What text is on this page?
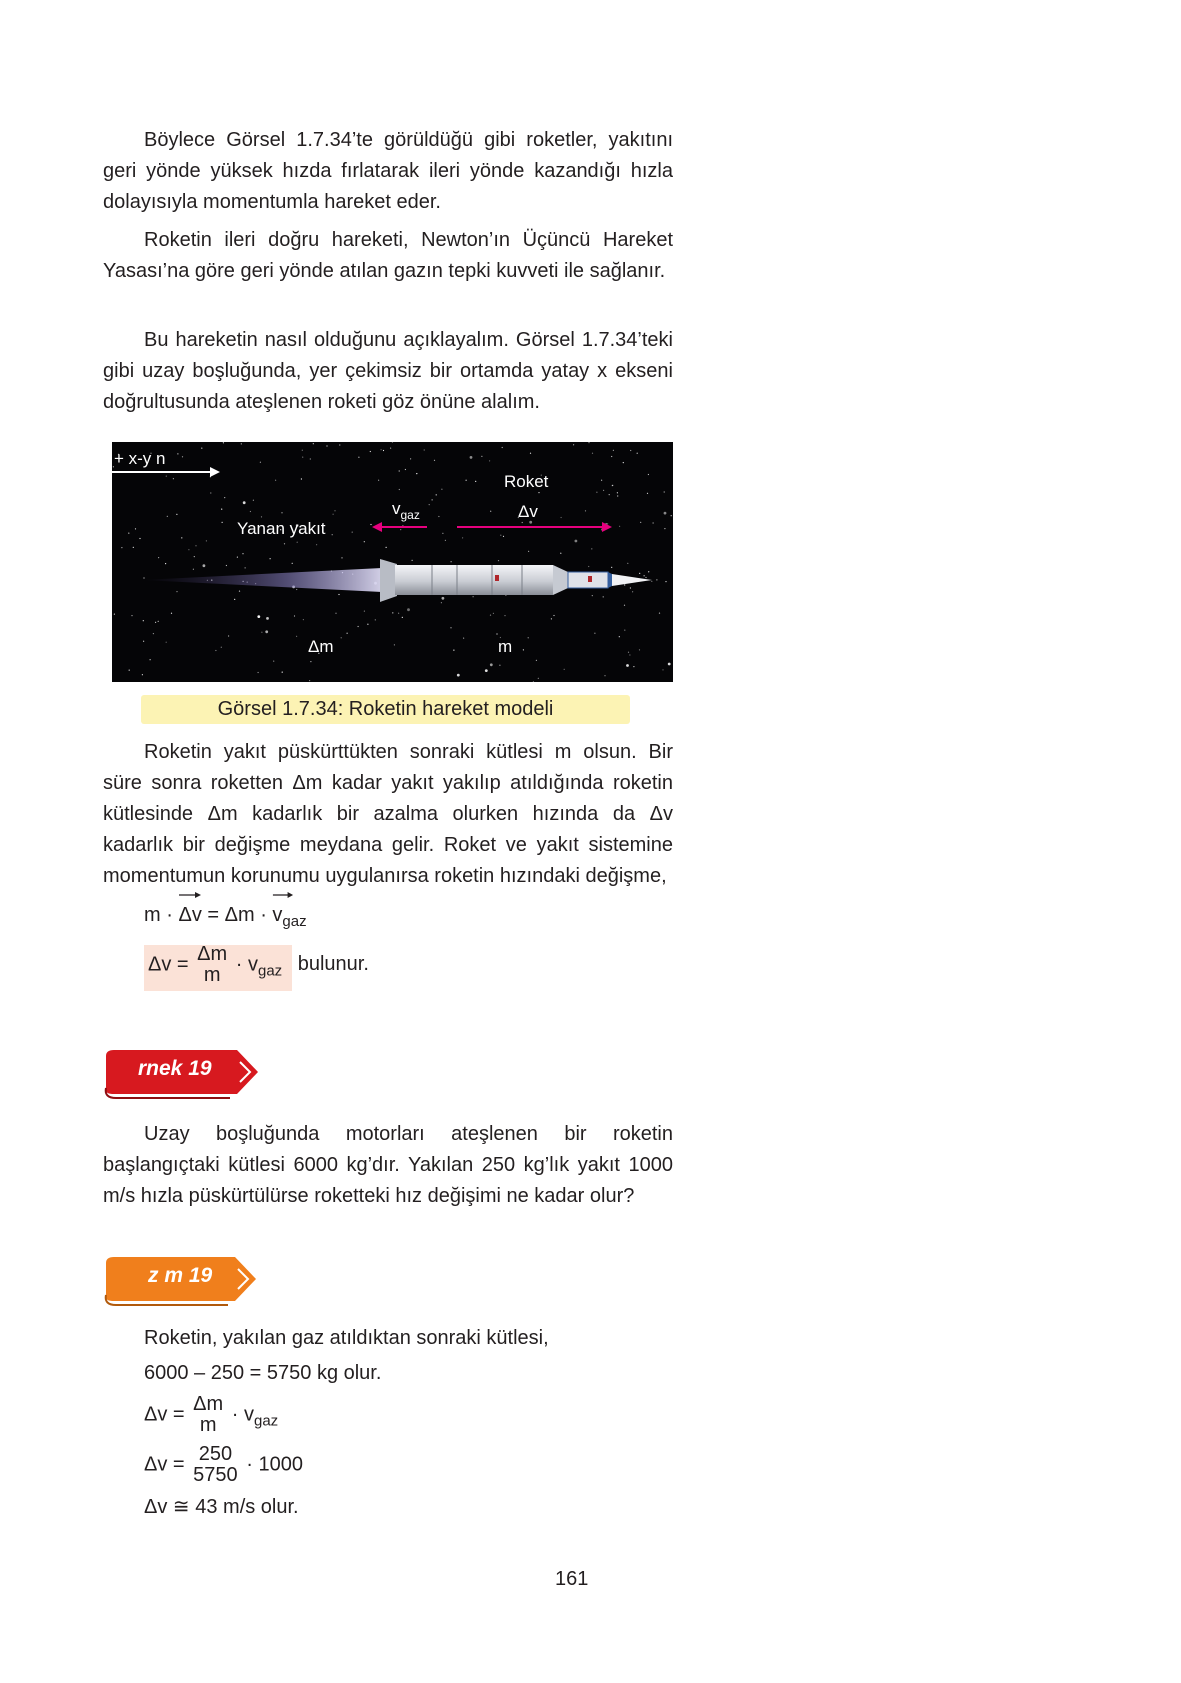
Böylece Görsel 1.7.34’te görüldüğü gibi roketler, yakıtını geri yönde yüksek hızda fırlatarak ileri yönde kazandığı hızla dolayısıyla momentumla hareket eder.

Roketin ileri doğru hareketi, Newton’ın Üçüncü Hareket Yasası’na göre geri yönde atılan gazın tepki kuvveti ile sağlanır.

Bu hareketin nasıl olduğunu açıklayalım. Görsel 1.7.34’teki gibi uzay boşluğunda, yer çekimsiz bir ortamda yatay x ekseni doğrultusunda ateşlenen roketi göz önüne alalım.

+ x-y n
Roket
Δv
$v_{gaz}$
Yanan yakıt
Δm	m
Görsel 1.7.34: Roketin hareket modeli

Roketin yakıt püskürttükten sonraki kütlesi m olsun. Bir süre sonra roketten Δm kadar yakıt yakılıp atıldığında roketin kütlesinde Δm kadarlık bir azalma olurken hızında da Δv kadarlık bir değişme meydana gelir. Roket ve yakıt sistemine momentumun korunumu uygulanırsa roketin hızındaki değişme,

$m \cdot \Delta v = \Delta m \cdot v_{gaz}$
Δv = Δm
$m \cdot v_{gaz}$ bulunur.
rnek 19

Uzay boşluğunda motorları ateşlenen bir roketin başlangıçtaki kütlesi 6000 kg’dır. Yakılan 250 kg’lık yakıt 1000 m/s hızla püskürtülürse roketteki hız değişimi ne kadar olur?

z m 19
Roketin, yakılan gaz atıldıktan sonraki kütlesi,
6000 – 250 = 5750 kg olur.
Δv = Δm
$m \cdot v_{gaz}$
Δv = 250
5750 · 1000
Δv ≅ 43 m/s olur.
161
